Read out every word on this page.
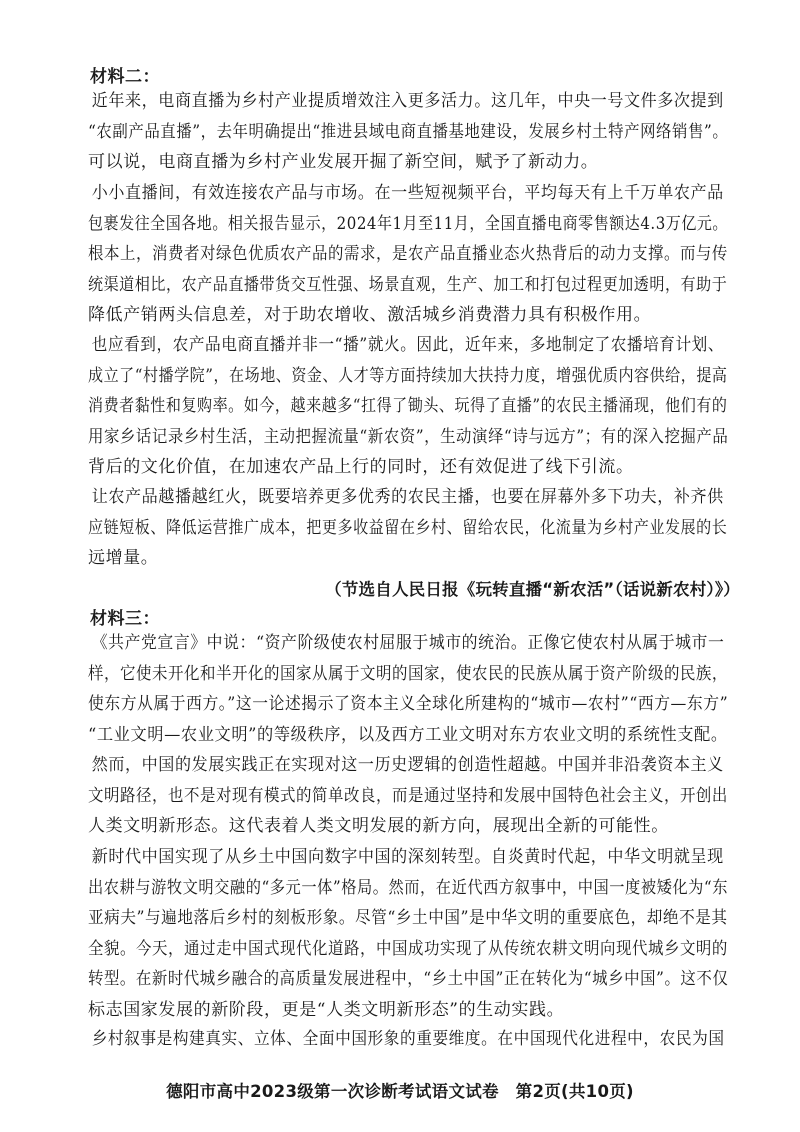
材料二：
近年来，电商直播为乡村产业提质增效注入更多活力。这几年，中央一号文件多次提到
“农副产品直播”，去年明确提出“推进县域电商直播基地建设，发展乡村土特产网络销售”。
可以说，电商直播为乡村产业发展开掘了新空间，赋予了新动力。
小小直播间，有效连接农产品与市场。在一些短视频平台，平均每天有上千万单农产品
包裹发往全国各地。相关报告显示，2024年1月至11月，全国直播电商零售额达4.3万亿元。
根本上，消费者对绿色优质农产品的需求，是农产品直播业态火热背后的动力支撑。而与传
统渠道相比，农产品直播带货交互性强、场景直观，生产、加工和打包过程更加透明，有助于
降低产销两头信息差，对于助农增收、激活城乡消费潜力具有积极作用。
也应看到，农产品电商直播并非一“播”就火。因此，近年来，多地制定了农播培育计划、
成立了“村播学院”，在场地、资金、人才等方面持续加大扶持力度，增强优质内容供给，提高
消费者黏性和复购率。如今，越来越多“扛得了锄头、玩得了直播”的农民主播涌现，他们有的
用家乡话记录乡村生活，主动把握流量“新农资”，生动演绎“诗与远方”；有的深入挖掘产品
背后的文化价值，在加速农产品上行的同时，还有效促进了线下引流。
让农产品越播越红火，既要培养更多优秀的农民主播，也要在屏幕外多下功夫，补齐供
应链短板、降低运营推广成本，把更多收益留在乡村、留给农民，化流量为乡村产业发展的长
远增量。
（节选自人民日报《玩转直播“新农活”（话说新农村）》）
材料三：
《共产党宣言》中说：“资产阶级使农村屈服于城市的统治。正像它使农村从属于城市一
样，它使未开化和半开化的国家从属于文明的国家，使农民的民族从属于资产阶级的民族，
使东方从属于西方。”这一论述揭示了资本主义全球化所建构的“城市—农村”“西方—东方”
“工业文明—农业文明”的等级秩序，以及西方工业文明对东方农业文明的系统性支配。
然而，中国的发展实践正在实现对这一历史逻辑的创造性超越。中国并非沿袭资本主义
文明路径，也不是对现有模式的简单改良，而是通过坚持和发展中国特色社会主义，开创出
人类文明新形态。这代表着人类文明发展的新方向，展现出全新的可能性。
新时代中国实现了从乡土中国向数字中国的深刻转型。自炎黄时代起，中华文明就呈现
出农耕与游牧文明交融的“多元一体”格局。然而，在近代西方叙事中，中国一度被矮化为“东
亚病夫”与遍地落后乡村的刻板形象。尽管“乡土中国”是中华文明的重要底色，却绝不是其
全貌。今天，通过走中国式现代化道路，中国成功实现了从传统农耕文明向现代城乡文明的
转型。在新时代城乡融合的高质量发展进程中，“乡土中国”正在转化为“城乡中国”。这不仅
标志国家发展的新阶段，更是“人类文明新形态”的生动实践。
乡村叙事是构建真实、立体、全面中国形象的重要维度。在中国现代化进程中，农民为国
德阳市高中2023级第一次诊断考试语文试卷　第2页(共10页)
